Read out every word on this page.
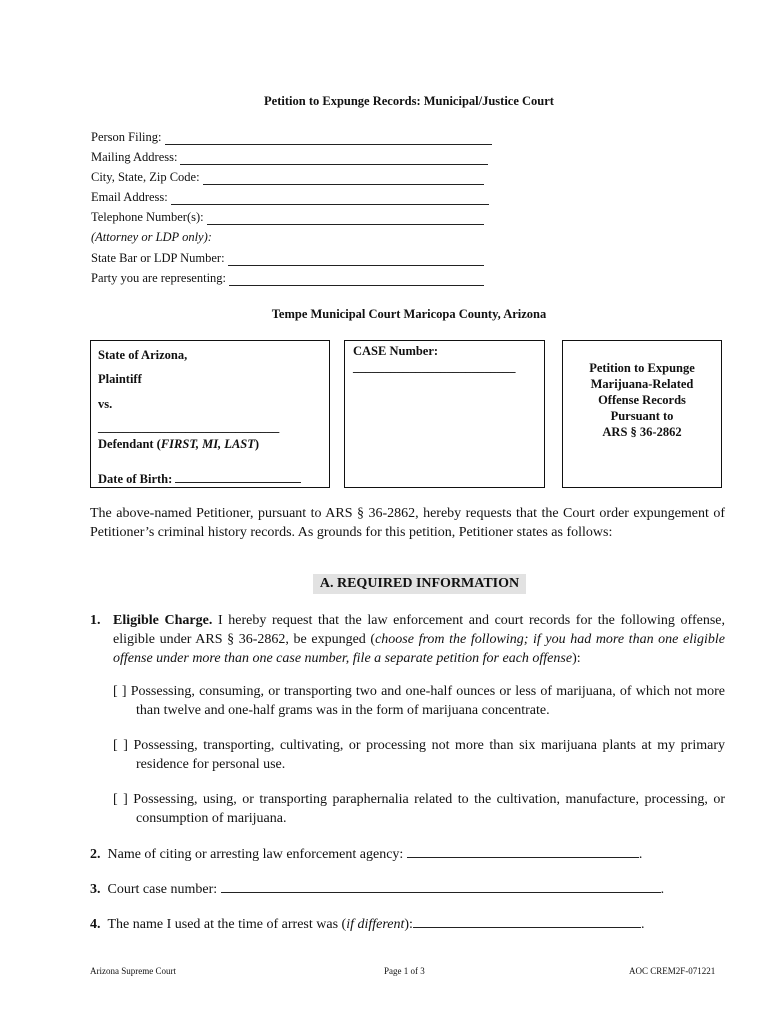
Petition to Expunge Records: Municipal/Justice Court
Person Filing:
Mailing Address:
City, State, Zip Code:
Email Address:
Telephone Number(s):
(Attorney or LDP only):
State Bar or LDP Number:
Party you are representing:
Tempe Municipal Court Maricopa County, Arizona
State of Arizona,
Plaintiff
vs.
_____________________________
Defendant (FIRST, MI, LAST)
Date of Birth:
CASE Number:
__________________________	Petition to Expunge
Marijuana-Related
Offense Records
Pursuant to
ARS § 36-2862
The above-named Petitioner, pursuant to ARS § 36-2862, hereby requests that the Court order expungement of Petitioner’s criminal history records. As grounds for this petition, Petitioner states as follows:
A. REQUIRED INFORMATION
1. Eligible Charge. I hereby request that the law enforcement and court records for the following offense, eligible under ARS § 36-2862, be expunged (choose from the following; if you had more than one eligible offense under more than one case number, file a separate petition for each offense):
[ ] Possessing, consuming, or transporting two and one-half ounces or less of marijuana, of which not more than twelve and one-half grams was in the form of marijuana concentrate.
[ ] Possessing, transporting, cultivating, or processing not more than six marijuana plants at my primary residence for personal use.
[ ] Possessing, using, or transporting paraphernalia related to the cultivation, manufacture, processing, or consumption of marijuana.
2. Name of citing or arresting law enforcement agency:	.
3. Court case number:	.
4. The name I used at the time of arrest was (if different):	.
Arizona Supreme Court	Page 1 of 3	AOC CREM2F-071221
